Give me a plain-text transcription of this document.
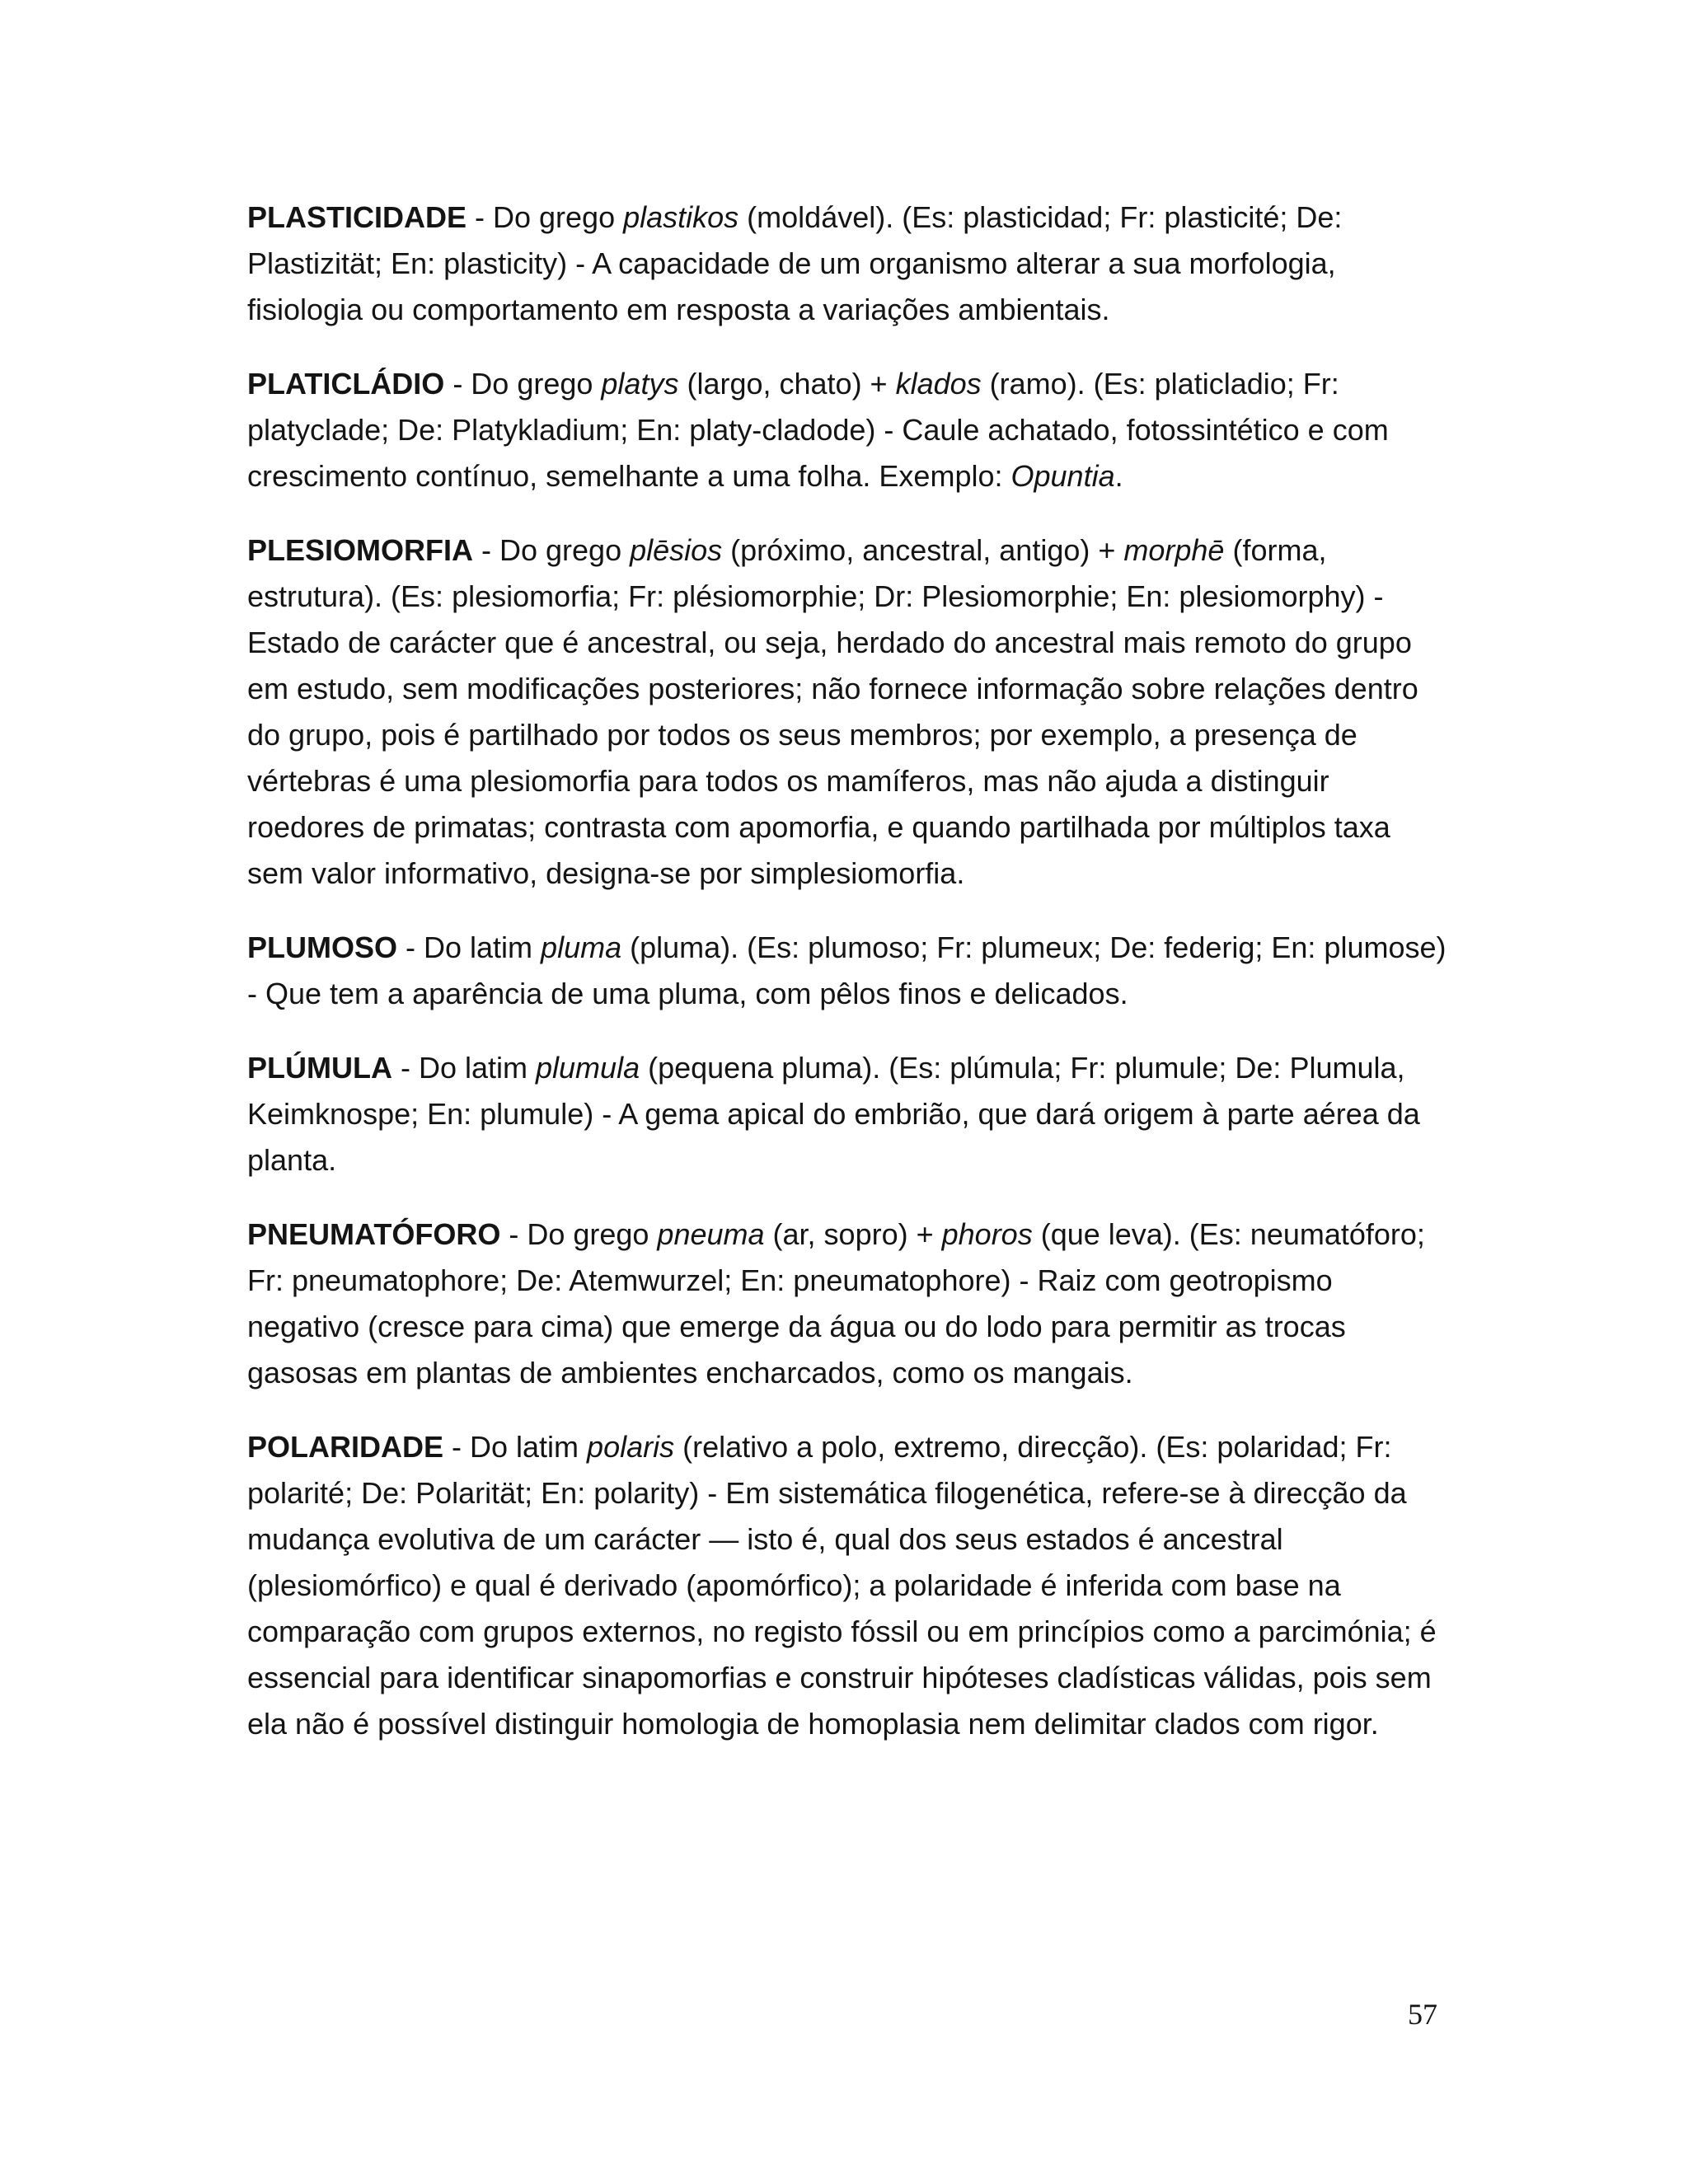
PLASTICIDADE - Do grego plastikos (moldável). (Es: plasticidad; Fr: plasticité; De: Plastizität; En: plasticity) - A capacidade de um organismo alterar a sua morfologia, fisiologia ou comportamento em resposta a variações ambientais.

PLATICLÁDIO - Do grego platys (largo, chato) + klados (ramo). (Es: platicladio; Fr: platyclade; De: Platykladium; En: platy-cladode) - Caule achatado, fotossintético e com crescimento contínuo, semelhante a uma folha. Exemplo: Opuntia.

PLESIOMORFIA - Do grego plēsios (próximo, ancestral, antigo) + morphē (forma, estrutura). (Es: plesiomorfia; Fr: plésiomorphie; Dr: Plesiomorphie; En: plesiomorphy) - Estado de carácter que é ancestral, ou seja, herdado do ancestral mais remoto do grupo em estudo, sem modificações posteriores; não fornece informação sobre relações dentro do grupo, pois é partilhado por todos os seus membros; por exemplo, a presença de vértebras é uma plesiomorfia para todos os mamíferos, mas não ajuda a distinguir roedores de primatas; contrasta com apomorfia, e quando partilhada por múltiplos taxa sem valor informativo, designa-se por simplesiomorfia.

PLUMOSO - Do latim pluma (pluma). (Es: plumoso; Fr: plumeux; De: federig; En: plumose) - Que tem a aparência de uma pluma, com pêlos finos e delicados.

PLÚMULA - Do latim plumula (pequena pluma). (Es: plúmula; Fr: plumule; De: Plumula, Keimknospe; En: plumule) - A gema apical do embrião, que dará origem à parte aérea da planta.

PNEUMATÓFORO - Do grego pneuma (ar, sopro) + phoros (que leva). (Es: neumatóforo; Fr: pneumatophore; De: Atemwurzel; En: pneumatophore) - Raiz com geotropismo negativo (cresce para cima) que emerge da água ou do lodo para permitir as trocas gasosas em plantas de ambientes encharcados, como os mangais.

POLARIDADE - Do latim polaris (relativo a polo, extremo, direcção). (Es: polaridad; Fr: polarité; De: Polarität; En: polarity) - Em sistemática filogenética, refere-se à direcção da mudança evolutiva de um carácter — isto é, qual dos seus estados é ancestral (plesiomórfico) e qual é derivado (apomórfico); a polaridade é inferida com base na comparação com grupos externos, no registo fóssil ou em princípios como a parcimónia; é essencial para identificar sinapomorfias e construir hipóteses cladísticas válidas, pois sem ela não é possível distinguir homologia de homoplasia nem delimitar clados com rigor.

57
